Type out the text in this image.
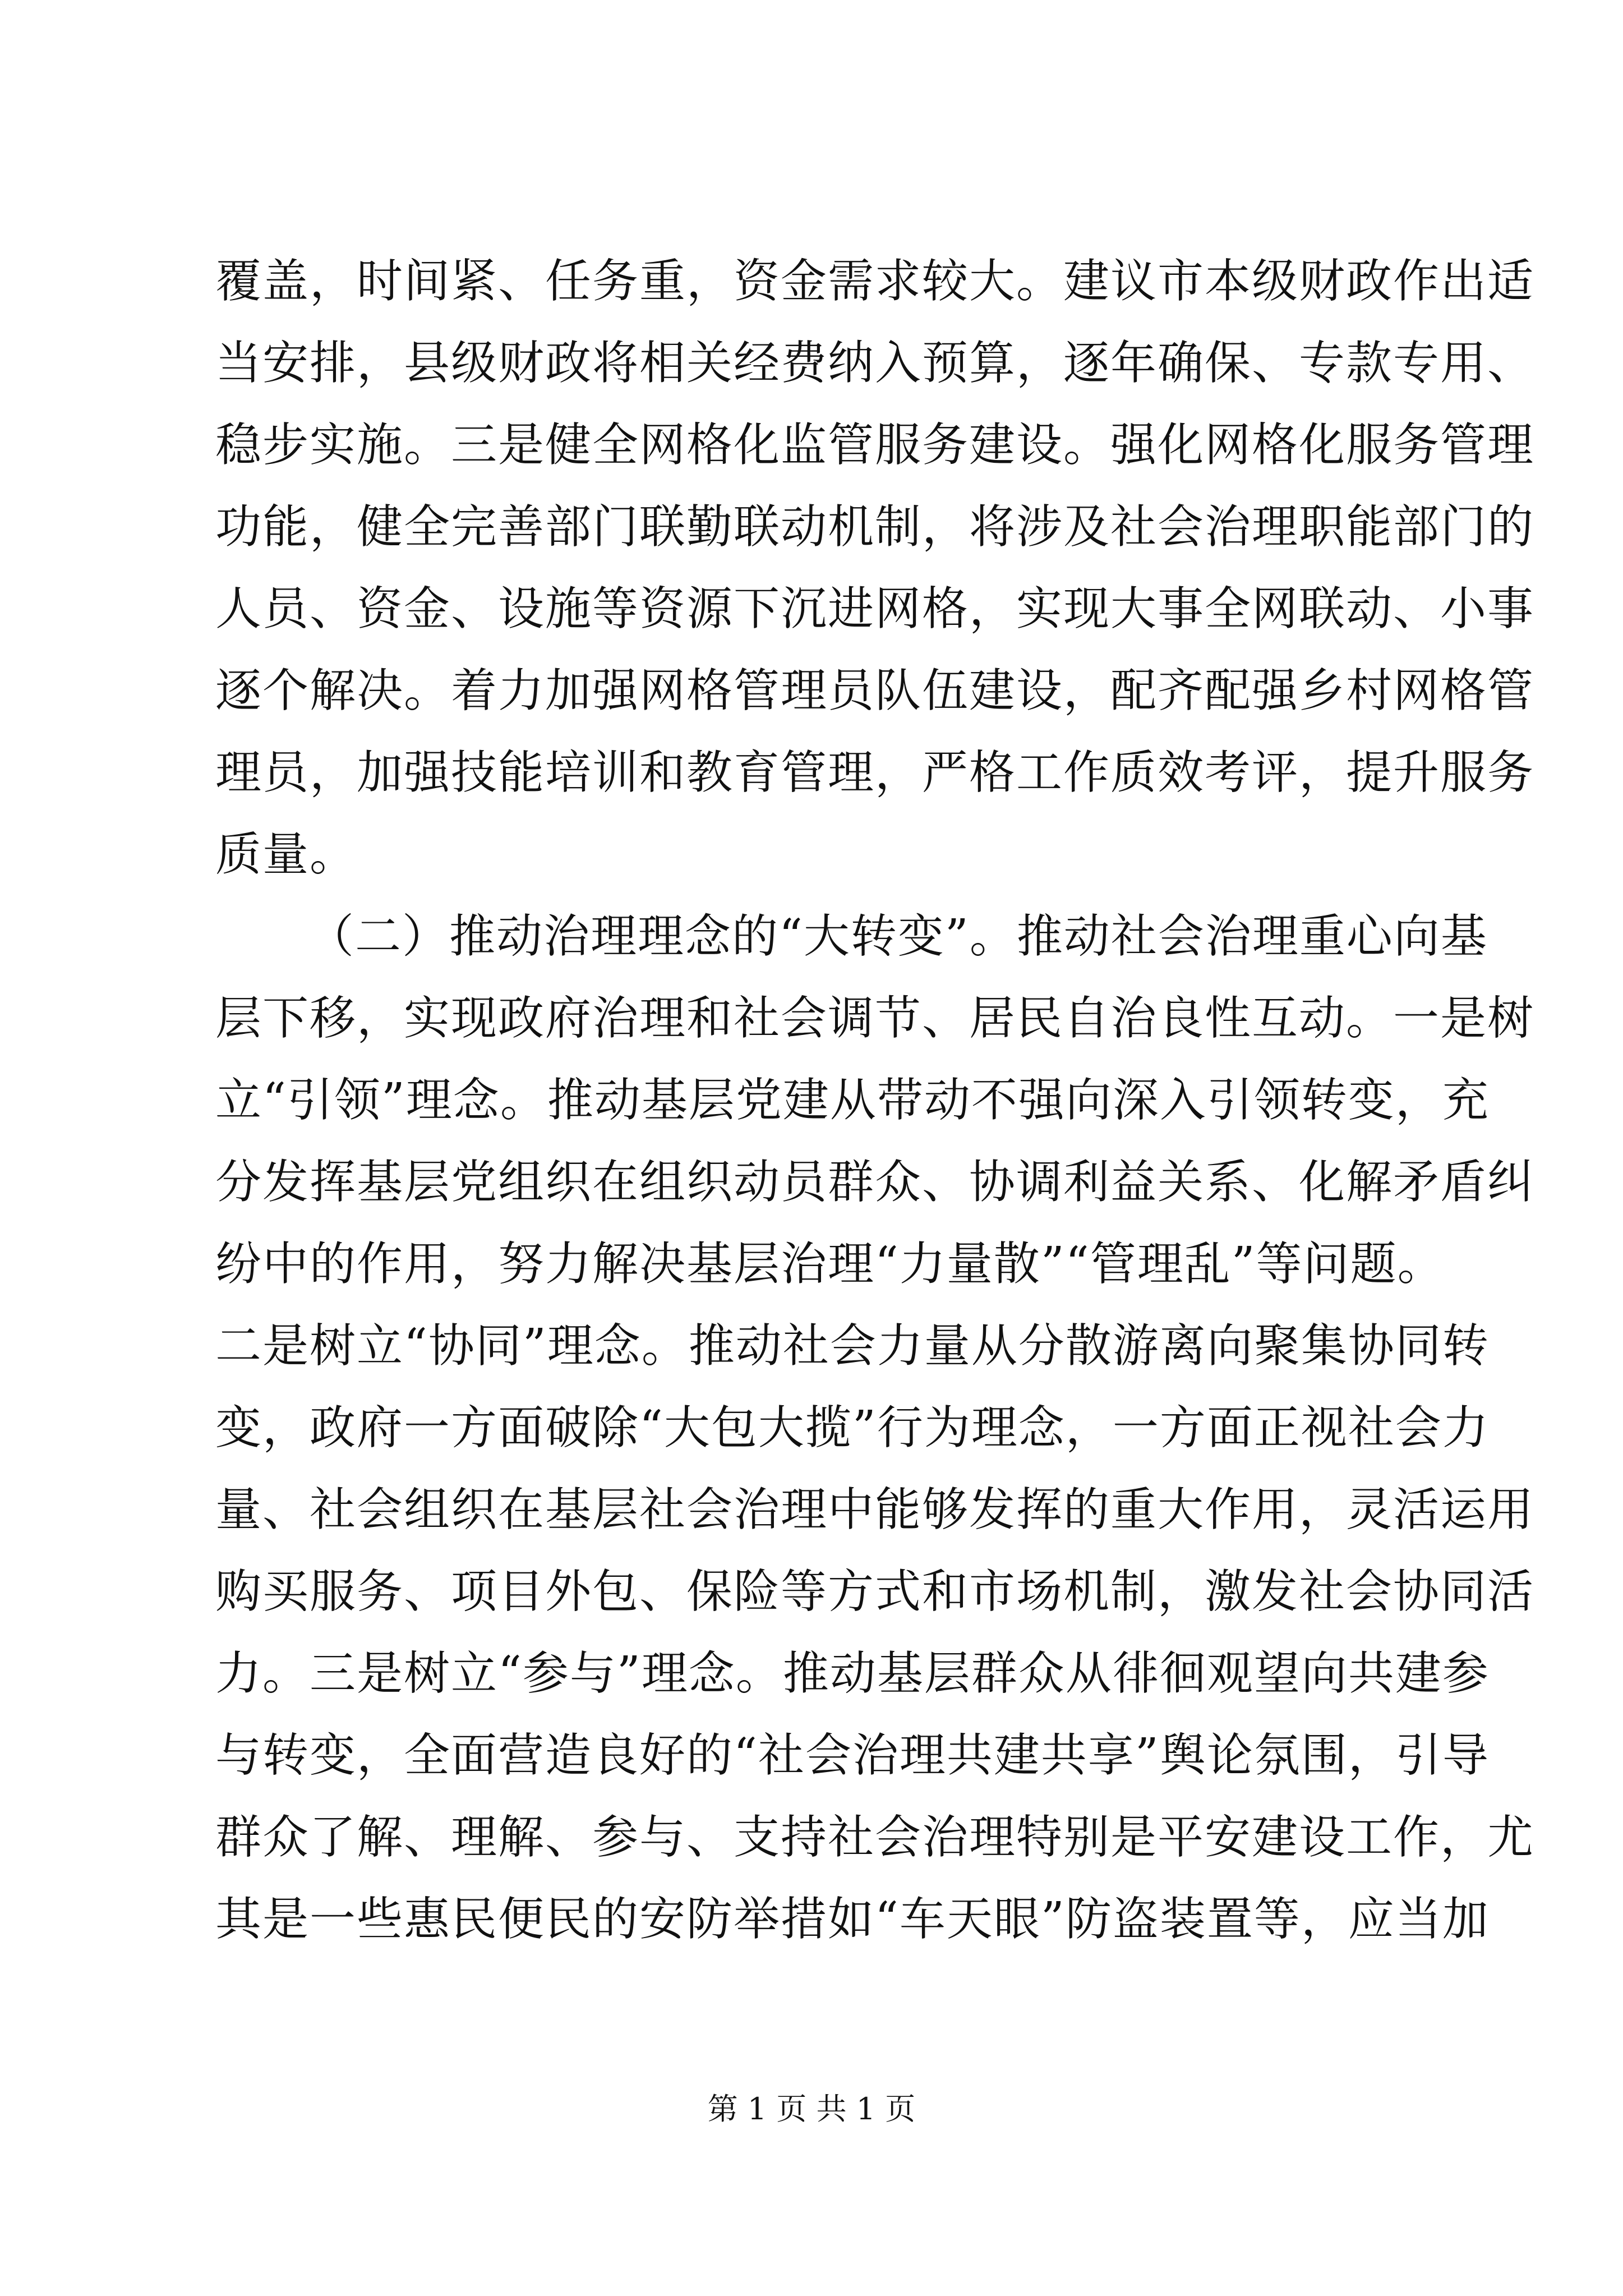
覆盖，时间紧、任务重，资金需求较大。建议市本级财政作出适
当安排，县级财政将相关经费纳入预算，逐年确保、专款专用、
稳步实施。三是健全网格化监管服务建设。强化网格化服务管理
功能，健全完善部门联勤联动机制，将涉及社会治理职能部门的
人员、资金、设施等资源下沉进网格，实现大事全网联动、小事
逐个解决。着力加强网格管理员队伍建设，配齐配强乡村网格管
理员，加强技能培训和教育管理，严格工作质效考评，提升服务
质量。
（二）推动治理理念的“大转变”。推动社会治理重心向基
层下移，实现政府治理和社会调节、居民自治良性互动。一是树
立“引领”理念。推动基层党建从带动不强向深入引领转变，充
分发挥基层党组织在组织动员群众、协调利益关系、化解矛盾纠
纷中的作用，努力解决基层治理“力量散”“管理乱”等问题。
二是树立“协同”理念。推动社会力量从分散游离向聚集协同转
变，政府一方面破除“大包大揽”行为理念，一方面正视社会力
量、社会组织在基层社会治理中能够发挥的重大作用，灵活运用
购买服务、项目外包、保险等方式和市场机制，激发社会协同活
力。三是树立“参与”理念。推动基层群众从徘徊观望向共建参
与转变，全面营造良好的“社会治理共建共享”舆论氛围，引导
群众了解、理解、参与、支持社会治理特别是平安建设工作，尤
其是一些惠民便民的安防举措如“车天眼”防盗装置等，应当加
第 1 页 共 1 页
